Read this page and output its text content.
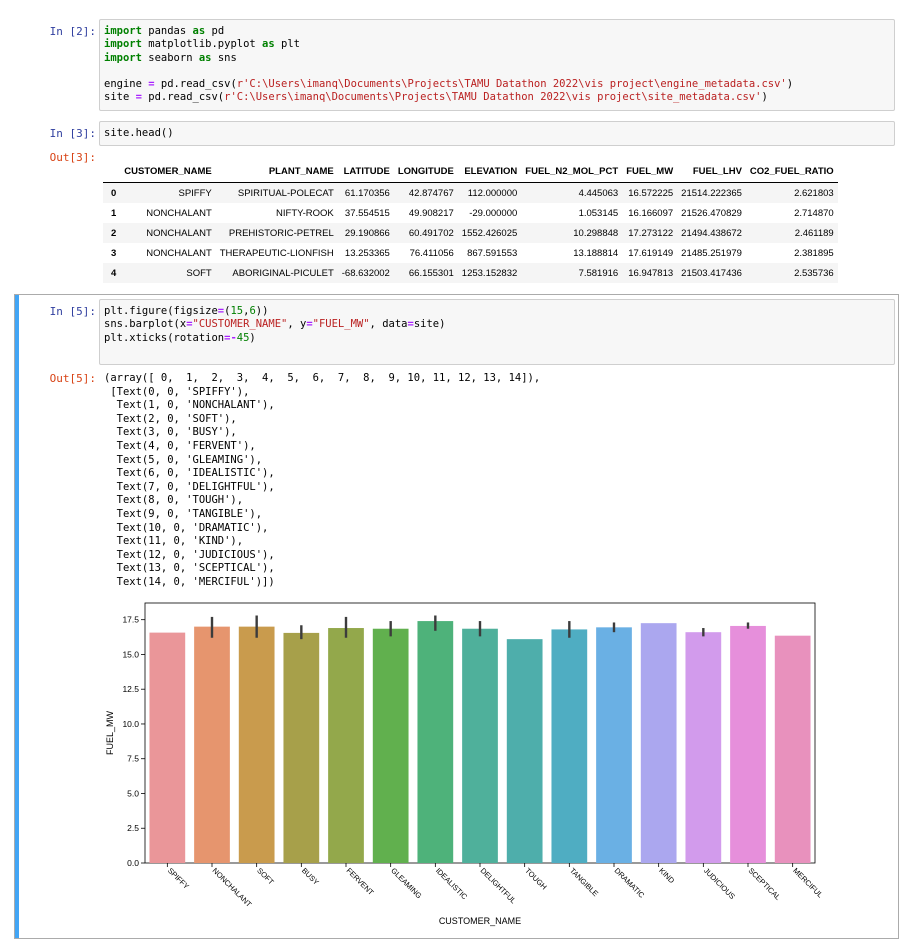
In [2]: import pandas as pd
import matplotlib.pyplot as plt
import seaborn as sns
engine = pd.read_csv(r'C:\Users\imanq\Documents\Projects\TAMU Datathon 2022\vis project\engine_metadata.csv')
site = pd.read_csv(r'C:\Users\imanq\Documents\Projects\TAMU Datathon 2022\vis project\site_metadata.csv')
In [3]: site.head()
Out[3]:
	CUSTOMER_NAME	PLANT_NAME	LATITUDE	LONGITUDE	ELEVATION	FUEL_N2_MOL_PCT	FUEL_MW	FUEL_LHV	CO2_FUEL_RATIO
0	SPIFFY	SPIRITUAL-POLECAT	61.170356	42.874767	112.000000	4.445063	16.572225	21514.222365	2.621803
1	NONCHALANT	NIFTY-ROOK	37.554515	49.908217	-29.000000	1.053145	16.166097	21526.470829	2.714870
2	NONCHALANT	PREHISTORIC-PETREL	29.190866	60.491702	1552.426025	10.298848	17.273122	21494.438672	2.461189
3	NONCHALANT	THERAPEUTIC-LIONFISH	13.253365	76.411056	867.591553	13.188814	17.619149	21485.251979	2.381895
4	SOFT	ABORIGINAL-PICULET	-68.632002	66.155301	1253.152832	7.581916	16.947813	21503.417436	2.535736
In [5]: plt.figure(figsize=(15,6))
sns.barplot(x="CUSTOMER_NAME", y="FUEL_MW", data=site)
plt.xticks(rotation=-45)
Out[5]: (array([ 0,  1,  2,  3,  4,  5,  6,  7,  8,  9, 10, 11, 12, 13, 14]),
[Text(0, 0, 'SPIFFY'),
Text(1, 0, 'NONCHALANT'),
Text(2, 0, 'SOFT'),
Text(3, 0, 'BUSY'),
Text(4, 0, 'FERVENT'),
Text(5, 0, 'GLEAMING'),
Text(6, 0, 'IDEALISTIC'),
Text(7, 0, 'DELIGHTFUL'),
Text(8, 0, 'TOUGH'),
Text(9, 0, 'TANGIBLE'),
Text(10, 0, 'DRAMATIC'),
Text(11, 0, 'KIND'),
Text(12, 0, 'JUDICIOUS'),
Text(13, 0, 'SCEPTICAL'),
Text(14, 0, 'MERCIFUL')])
0.0
2.5
5.0
7.5
10.0
12.5
15.0
17.5
SPIFFY	NONCHALANT SOFT	BUSY	FERVENT GLEAMING IDEALISTIC DELIGHTFUL TOUGH	TANGIBLE DRAMATIC KIND	JUDICIOUS SCEPTICAL MERCIFUL
CUSTOMER_NAME
FUEL_MW
